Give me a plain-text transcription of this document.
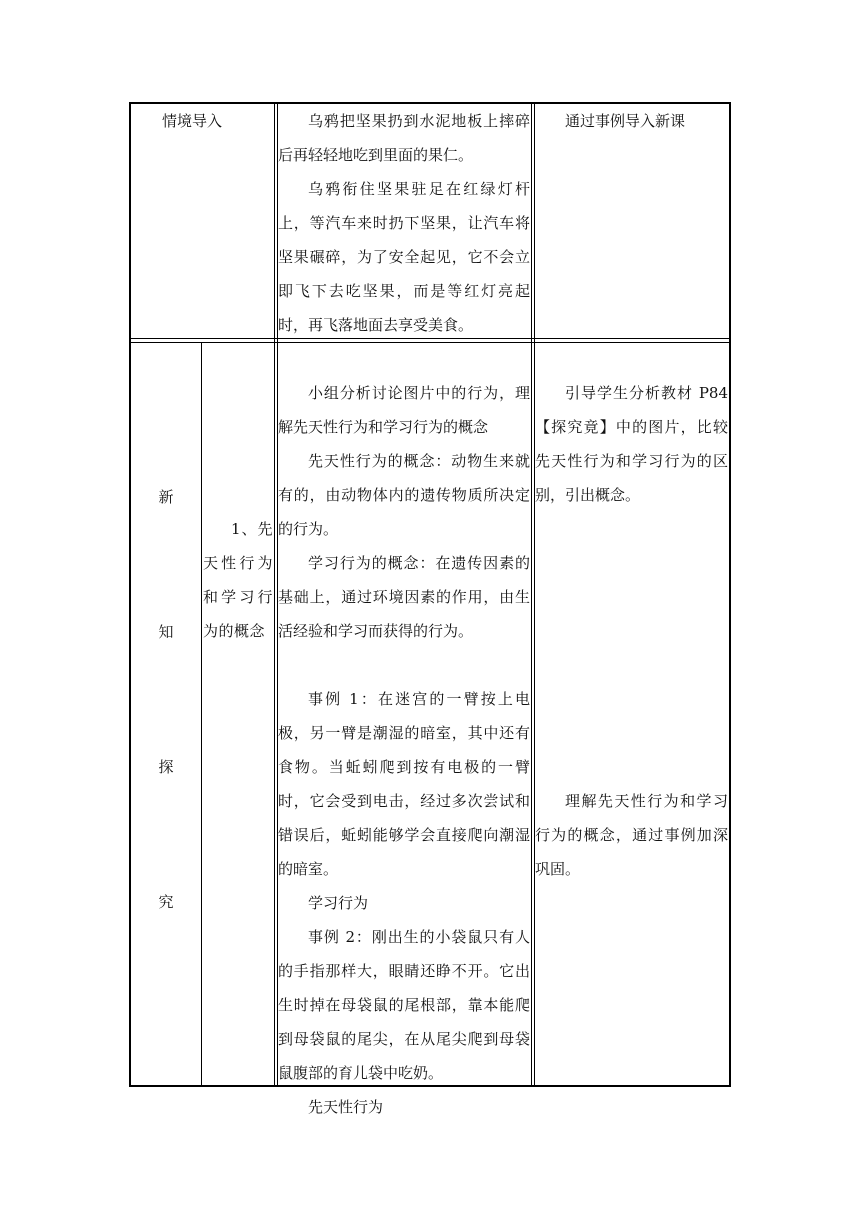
情境导入	乌鸦把坚果扔到水泥地板上摔碎后再轻轻地吃到里面的果仁。

乌鸦衔住坚果驻足在红绿灯杆上，等汽车来时扔下坚果，让汽车将坚果碾碎，为了安全起见，它不会立即飞下去吃坚果，而是等红灯亮起时，再飞落地面去享受美食。

通过事例导入新课
新
知
探
究

1、先天性行为和学习行为的概念

小组分析讨论图片中的行为，理解先天性行为和学习行为的概念

先天性行为的概念：动物生来就有的，由动物体内的遗传物质所决定的行为。

学习行为的概念：在遗传因素的基础上，通过环境因素的作用，由生活经验和学习而获得的行为。

事例 1：在迷宫的一臂按上电极，另一臂是潮湿的暗室，其中还有食物。当蚯蚓爬到按有电极的一臂时，它会受到电击，经过多次尝试和错误后，蚯蚓能够学会直接爬向潮湿的暗室。

学习行为

事例 2：刚出生的小袋鼠只有人的手指那样大，眼睛还睁不开。它出生时掉在母袋鼠的尾根部，靠本能爬到母袋鼠的尾尖，在从尾尖爬到母袋鼠腹部的育儿袋中吃奶。

先天性行为

引导学生分析教材 P84【探究竟】中的图片，比较先天性行为和学习行为的区别，引出概念。

理解先天性行为和学习行为的概念，通过事例加深巩固。
